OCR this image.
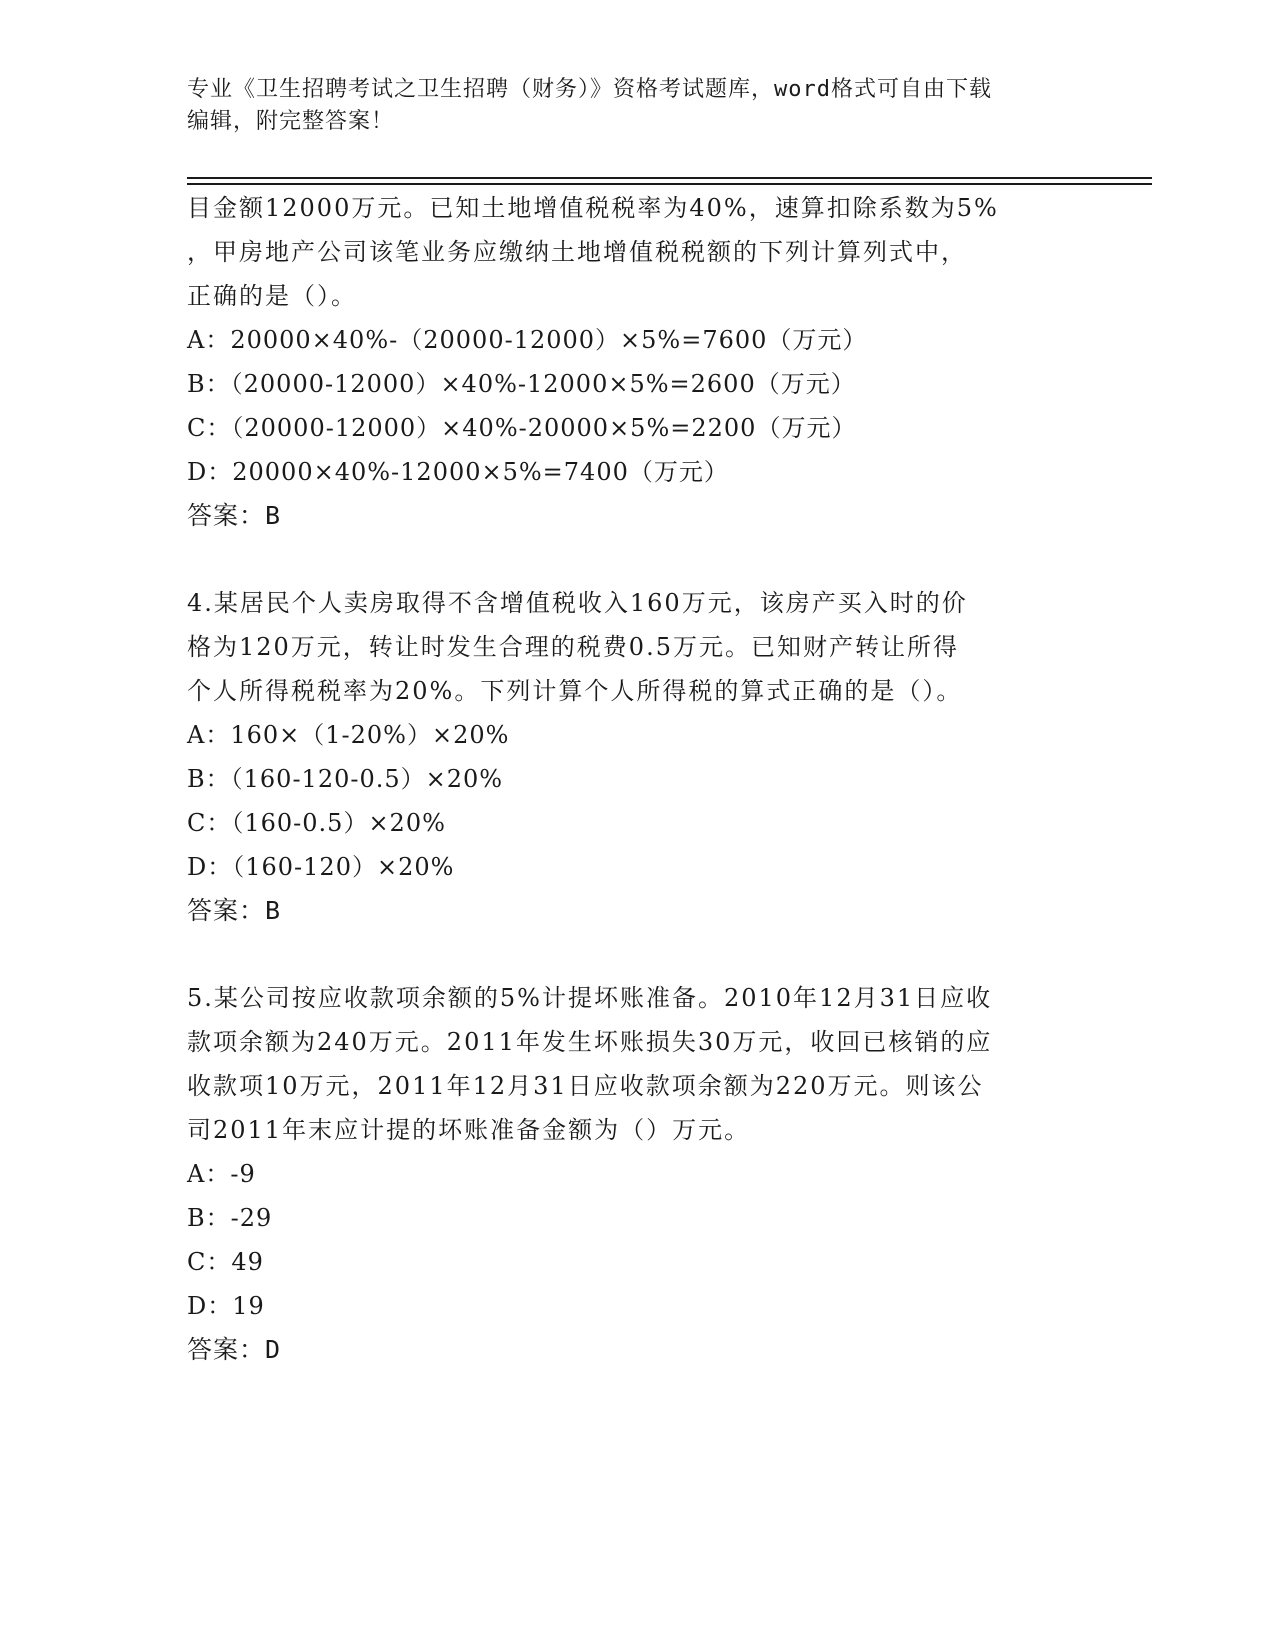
专业《卫生招聘考试之卫生招聘（财务）》资格考试题库，word格式可自由下载
编辑，附完整答案！
目金额12000万元。已知土地增值税税率为40%，速算扣除系数为5%
，甲房地产公司该笔业务应缴纳土地增值税税额的下列计算列式中，
正确的是（）。
A：20000×40%-（20000-12000）×5%=7600（万元）
B：（20000-12000）×40%-12000×5%=2600（万元）
C：（20000-12000）×40%-20000×5%=2200（万元）
D：20000×40%-12000×5%=7400（万元）
答案：B
4.某居民个人卖房取得不含增值税收入160万元，该房产买入时的价
格为120万元，转让时发生合理的税费0.5万元。已知财产转让所得
个人所得税税率为20%。下列计算个人所得税的算式正确的是（）。
A：160×（1-20%）×20%
B：（160-120-0.5）×20%
C：（160-0.5）×20%
D：（160-120）×20%
答案：B
5.某公司按应收款项余额的5%计提坏账准备。2010年12月31日应收
款项余额为240万元。2011年发生坏账损失30万元，收回已核销的应
收款项10万元，2011年12月31日应收款项余额为220万元。则该公
司2011年末应计提的坏账准备金额为（）万元。
A：-9
B：-29
C：49
D：19
答案：D
